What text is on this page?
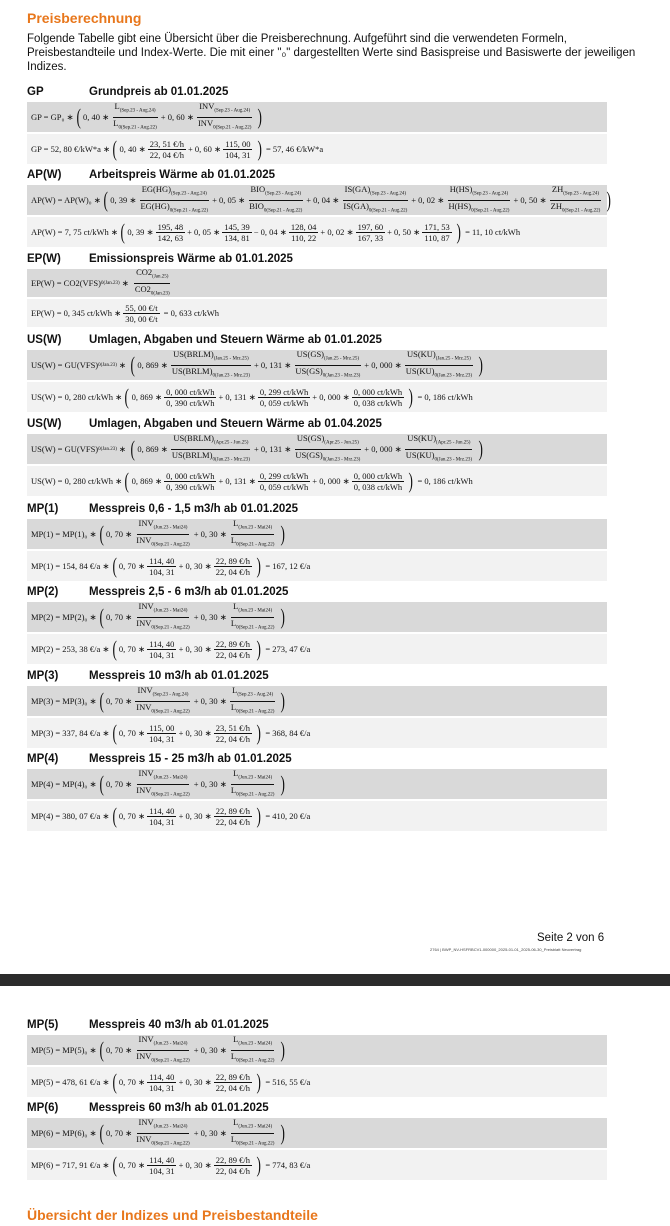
Preisberechnung
Folgende Tabelle gibt eine Übersicht über die Preisberechnung. Aufgeführt sind die verwendeten Formeln, Preisbestandteile und Index-Werte. Die mit einer "₀" dargestellten Werte sind Basispreise und Basiswerte der jeweiligen Indizes.
GP	Grundpreis ab 01.01.2025
GP = GP₀ ∗ ( 0, 40 ∗ $\frac{L_{(Sep.23 - Aug.24)}}{L_{0(Sep.21 - Aug.22)}} + 0$, 60 ∗ $\frac{INV_{(Sep.23 - Aug.24)}}{INV_{0(Sep.21 - Aug.22)}}$ )
GP = 52, 80 €/kW*a ∗ ( 0, 40 ∗ $\frac{23, 51 €/h}{22, 04 €/h} + 0$, 60 ∗ $\frac{115, 00}{104, 31}$ ) = 57, 46 €/kW*a
AP(W)	Arbeitspreis Wärme ab 01.01.2025
AP(W) = AP(W)₀ ∗ ( 0, 39 ∗ $\frac{EG(HG)_{(Sep.23 - Aug.24)}}{EG(HG)_{0(Sep.21 - Aug.22)}} + 0$, 05 ∗ $\frac{BIO_{(Sep.23 - Aug.24)}}{BIO_{0(Sep.21 - Aug.22)}} + 0$, 04 ∗ $\frac{IS(GA)_{(Sep.23 - Aug.24)}}{IS(GA)_{0(Sep.21 - Aug.22)}} + 0$, 02 ∗ $\frac{H(HS)_{(Sep.23 - Aug.24)}}{H(HS)_{0(Sep.21 - Aug.22)}} + 0$, 50 ∗ $\frac{ZH_{(Sep.23 - Aug.24)}}{ZH_{0(Sep.21 - Aug.22)}}$ )
AP(W) = 7, 75 ct/kWh ∗ ( 0, 39 ∗ $\frac{195, 48}{142, 63} + 0$, 05 ∗ $\frac{145, 39}{134, 81} - 0$, 04 ∗ $\frac{128, 04}{110, 22} + 0$, 02 ∗ $\frac{197, 60}{167, 33} + 0$, 50 ∗ $\frac{171, 53}{110, 87}$ ) = 11, 10 ct/kWh
EP(W)	Emissionspreis Wärme ab 01.01.2025
EP(W) = CO2(VFS) 0(Jan.23) ∗ $\frac{CO2_{(Jan.25)}}{CO2_{0(Jan.23)}}$
EP(W) = 0, 345 ct/kWh ∗ $\frac{55, 00 €/t}{30, 00 €/t} = 0$, 633 ct/kWh
US(W)	Umlagen, Abgaben und Steuern Wärme ab 01.01.2025
US(W) = GU(VFS) 0(Jan.23) ∗ ( 0, 869 ∗ $\frac{US(BRLM)_{(Jan.25 - Mrz.25)}}{US(BRLM)_{0(Jan.23 - Mrz.23)}} + 0$, 131 ∗ $\frac{US(GS)_{(Jan.25 - Mrz.25)}}{US(GS)_{0(Jan.23 - Mrz.23)}} + 0$, 000 ∗ $\frac{US(KU)_{(Jan.25 - Mrz.25)}}{US(KU)_{0(Jan.23 - Mrz.23)}}$ )
US(W) = 0, 280 ct/kWh ∗ ( 0, 869 ∗ $\frac{\text{0, 000 ct/kWh}}{\text{0, 390 ct/kWh}} + 0$, 131 ∗ $\frac{\text{0, 299 ct/kWh}}{\text{0, 059 ct/kWh}} + 0$, 000 ∗ $\frac{\text{0, 000 ct/kWh}}{\text{0, 038 ct/kWh}}$ ) = 0, 186 ct/kWh
US(W)	Umlagen, Abgaben und Steuern Wärme ab 01.04.2025
US(W) = GU(VFS) 0(Jan.23) ∗ ( 0, 869 ∗ $\frac{US(BRLM)_{(Apr.25 - Jun.25)}}{US(BRLM)_{0(Jan.23 - Mrz.23)}} + 0$, 131 ∗ $\frac{US(GS)_{(Apr.25 - Jun.25)}}{US(GS)_{0(Jan.23 - Mrz.23)}} + 0$, 000 ∗ $\frac{US(KU)_{(Apr.25 - Jun.25)}}{US(KU)_{0(Jan.23 - Mrz.23)}}$ )
US(W) = 0, 280 ct/kWh ∗ ( 0, 869 ∗ $\frac{\text{0, 000 ct/kWh}}{\text{0, 390 ct/kWh}} + 0$, 131 ∗ $\frac{\text{0, 299 ct/kWh}}{\text{0, 059 ct/kWh}} + 0$, 000 ∗ $\frac{\text{0, 000 ct/kWh}}{\text{0, 038 ct/kWh}}$ ) = 0, 186 ct/kWh
MP(1)	Messpreis 0,6 - 1,5 m3/h ab 01.01.2025
MP(1) = MP(1)₀ ∗ ( 0, 70 ∗ $\frac{INV_{(Jun.23 - Mai24)}}{INV_{0(Sep.21 - Aug.22)}} + 0$, 30 ∗ $\frac{L_{(Jun.23 - Mai24)}}{L_{0(Sep.21 - Aug.22)}}$ )
MP(1) = 154, 84 €/a ∗ ( 0, 70 ∗ $\frac{114, 40}{104, 31} + 0$, 30 ∗ $\frac{22, 89 €/h}{22, 04 €/h}$ ) = 167, 12 €/a
MP(2)	Messpreis 2,5 - 6 m3/h ab 01.01.2025
MP(2) = MP(2)₀ ∗ ( 0, 70 ∗ $\frac{INV_{(Jun.23 - Mai24)}}{INV_{0(Sep.21 - Aug.22)}} + 0$, 30 ∗ $\frac{L_{(Jun.23 - Mai24)}}{L_{0(Sep.21 - Aug.22)}}$ )
MP(2) = 253, 38 €/a ∗ ( 0, 70 ∗ $\frac{114, 40}{104, 31} + 0$, 30 ∗ $\frac{22, 89 €/h}{22, 04 €/h}$ ) = 273, 47 €/a
MP(3)	Messpreis 10 m3/h ab 01.01.2025
MP(3) = MP(3)₀ ∗ ( 0, 70 ∗ $\frac{INV_{(Sep.23 - Aug.24)}}{INV_{0(Sep.21 - Aug.22)}} + 0$, 30 ∗ $\frac{L_{(Sep.23 - Aug.24)}}{L_{0(Sep.21 - Aug.22)}}$ )
MP(3) = 337, 84 €/a ∗ ( 0, 70 ∗ $\frac{115, 00}{104, 31} + 0$, 30 ∗ $\frac{23, 51 €/h}{22, 04 €/h}$ ) = 368, 84 €/a
MP(4)	Messpreis 15 - 25 m3/h ab 01.01.2025
MP(4) = MP(4)₀ ∗ ( 0, 70 ∗ $\frac{INV_{(Jun.23 - Mai24)}}{INV_{0(Sep.21 - Aug.22)}} + 0$, 30 ∗ $\frac{L_{(Jun.23 - Mai24)}}{L_{0(Sep.21 - Aug.22)}}$ )
MP(4) = 380, 07 €/a ∗ ( 0, 70 ∗ $\frac{114, 40}{104, 31} + 0$, 30 ∗ $\frac{22, 89 €/h}{22, 04 €/h}$ ) = 410, 20 €/a
Seite 2 von 6
2764 | BWP_NV-HSFRBCV1-000000_2025-01-01_2025-06-30_Preisblatt Neuvertrag
MP(5)	Messpreis 40 m3/h ab 01.01.2025
MP(5) = MP(5)₀ ∗ ( 0, 70 ∗ $\frac{INV_{(Jun.23 - Mai24)}}{INV_{0(Sep.21 - Aug.22)}} + 0$, 30 ∗ $\frac{L_{(Jun.23 - Mai24)}}{L_{0(Sep.21 - Aug.22)}}$ )
MP(5) = 478, 61 €/a ∗ ( 0, 70 ∗ $\frac{114, 40}{104, 31} + 0$, 30 ∗ $\frac{22, 89 €/h}{22, 04 €/h}$ ) = 516, 55 €/a
MP(6)	Messpreis 60 m3/h ab 01.01.2025
MP(6) = MP(6)₀ ∗ ( 0, 70 ∗ $\frac{INV_{(Jun.23 - Mai24)}}{INV_{0(Sep.21 - Aug.22)}} + 0$, 30 ∗ $\frac{L_{(Jun.23 - Mai24)}}{L_{0(Sep.21 - Aug.22)}}$ )
MP(6) = 717, 91 €/a ∗ ( 0, 70 ∗ $\frac{114, 40}{104, 31} + 0$, 30 ∗ $\frac{22, 89 €/h}{22, 04 €/h}$ ) = 774, 83 €/a
Übersicht der Indizes und Preisbestandteile
